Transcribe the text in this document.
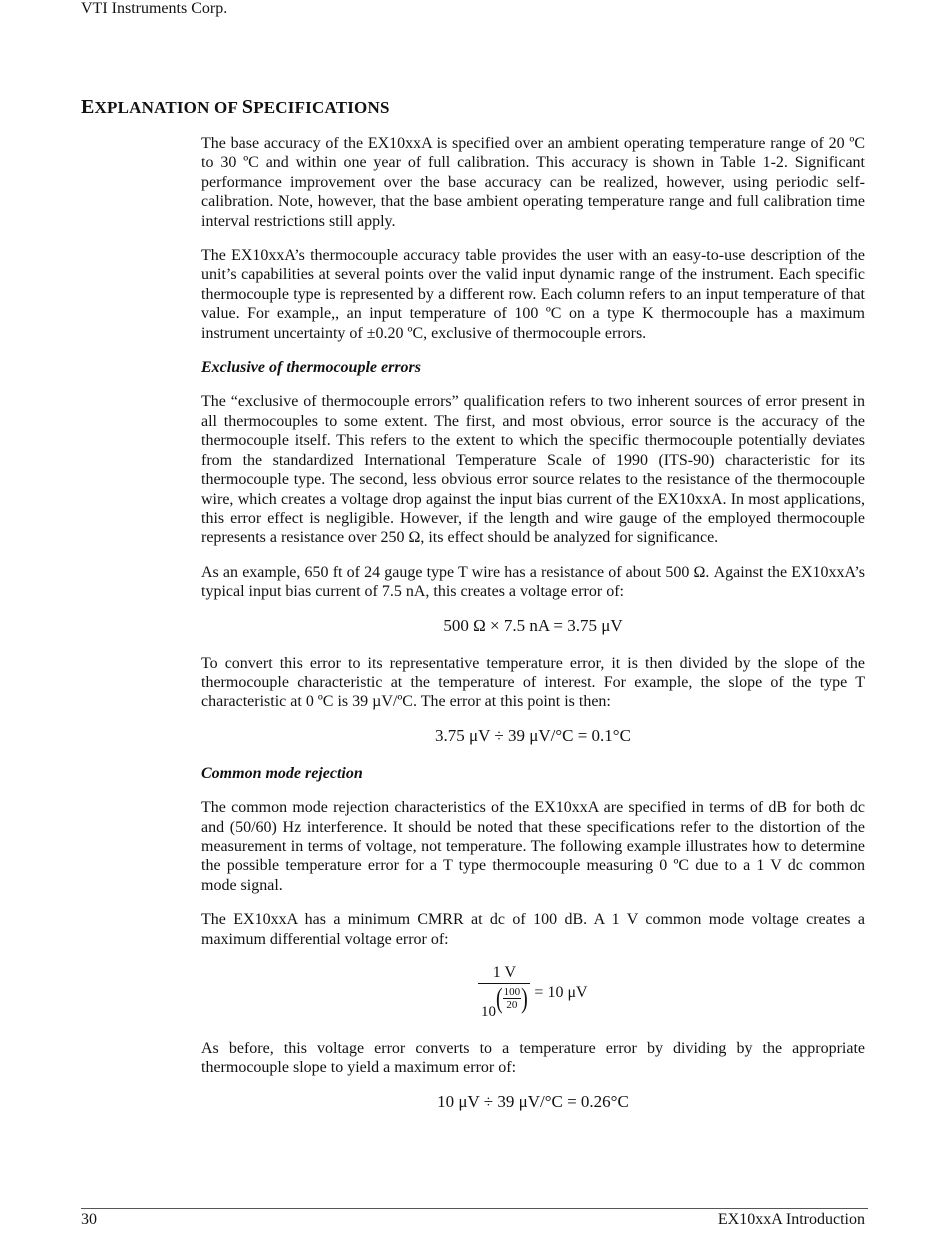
VTI Instruments Corp.
EXPLANATION OF SPECIFICATIONS

The base accuracy of the EX10xxA is specified over an ambient operating temperature range of 20 ºC to 30 ºC and within one year of full calibration. This accuracy is shown in Table 1-2. Significant performance improvement over the base accuracy can be realized, however, using periodic self-calibration. Note, however, that the base ambient operating temperature range and full calibration time interval restrictions still apply.

The EX10xxA’s thermocouple accuracy table provides the user with an easy-to-use description of the unit’s capabilities at several points over the valid input dynamic range of the instrument. Each specific thermocouple type is represented by a different row. Each column refers to an input temperature of that value. For example,, an input temperature of 100 ºC on a type K thermocouple has a maximum instrument uncertainty of ±0.20 ºC, exclusive of thermocouple errors.

Exclusive of thermocouple errors

The “exclusive of thermocouple errors” qualification refers to two inherent sources of error present in all thermocouples to some extent. The first, and most obvious, error source is the accuracy of the thermocouple itself. This refers to the extent to which the specific thermocouple potentially deviates from the standardized International Temperature Scale of 1990 (ITS-90) characteristic for its thermocouple type. The second, less obvious error source relates to the resistance of the thermocouple wire, which creates a voltage drop against the input bias current of the EX10xxA. In most applications, this error effect is negligible. However, if the length and wire gauge of the employed thermocouple represents a resistance over 250 Ω, its effect should be analyzed for significance.

As an example, 650 ft of 24 gauge type T wire has a resistance of about 500 Ω. Against the EX10xxA’s typical input bias current of 7.5 nA, this creates a voltage error of:

500 Ω × 7.5 nA = 3.75 μV

To convert this error to its representative temperature error, it is then divided by the slope of the thermocouple characteristic at the temperature of interest. For example, the slope of the type T characteristic at 0 ºC is 39 µV/ºC. The error at this point is then:

3.75 μV ÷ 39 μV/°C = 0.1°C
Common mode rejection

The common mode rejection characteristics of the EX10xxA are specified in terms of dB for both dc and (50/60) Hz interference. It should be noted that these specifications refer to the distortion of the measurement in terms of voltage, not temperature. The following example illustrates how to determine the possible temperature error for a T type thermocouple measuring 0 ºC due to a 1 V dc common mode signal.

The EX10xxA has a minimum CMRR at dc of 100 dB. A 1 V common mode voltage creates a maximum differential voltage error of:

1 V
10 ( $\frac{100}{20}$ ) = 10 μV

As before, this voltage error converts to a temperature error by dividing by the appropriate thermocouple slope to yield a maximum error of:

10 μV ÷ 39 μV/°C = 0.26°C
30	EX10xxA Introduction
